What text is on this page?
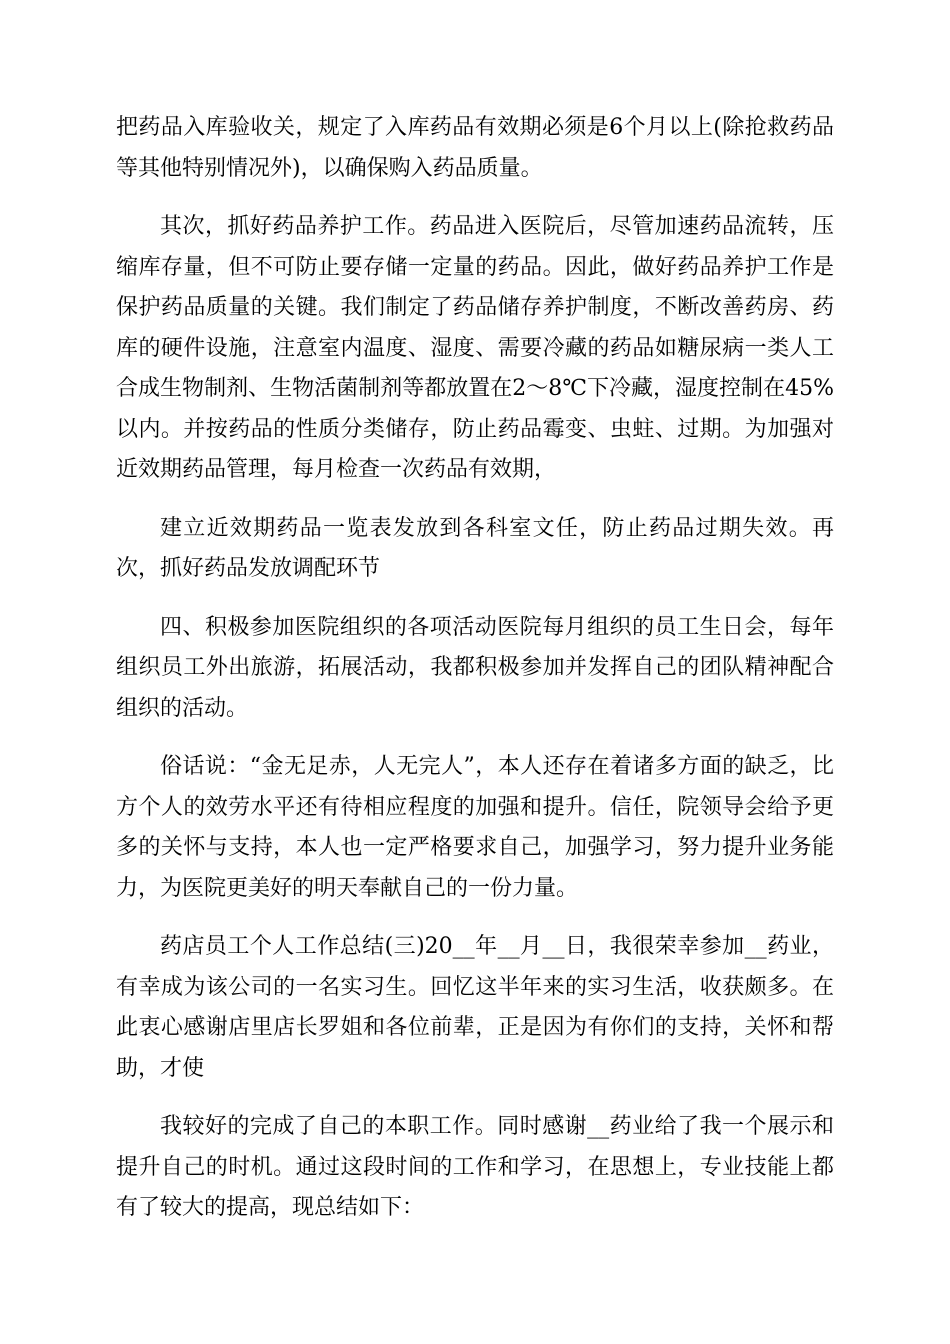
把药品入库验收关，规定了入库药品有效期必须是6个月以上(除抢救药品等其他特别情况外)，以确保购入药品质量。

其次，抓好药品养护工作。药品进入医院后，尽管加速药品流转，压缩库存量，但不可防止要存储一定量的药品。因此，做好药品养护工作是保护药品质量的关键。我们制定了药品储存养护制度，不断改善药房、药库的硬件设施，注意室内温度、湿度、需要冷藏的药品如糖尿病一类人工合成生物制剂、生物活菌制剂等都放置在2～8℃下冷藏，湿度控制在45%以内。并按药品的性质分类储存，防止药品霉变、虫蛀、过期。为加强对近效期药品管理，每月检查一次药品有效期，

建立近效期药品一览表发放到各科室文任，防止药品过期失效。再次，抓好药品发放调配环节

四、积极参加医院组织的各项活动医院每月组织的员工生日会，每年组织员工外出旅游，拓展活动，我都积极参加并发挥自己的团队精神配合组织的活动。

俗话说：“金无足赤，人无完人”，本人还存在着诸多方面的缺乏，比方个人的效劳水平还有待相应程度的加强和提升。信任，院领导会给予更多的关怀与支持，本人也一定严格要求自己，加强学习，努力提升业务能力，为医院更美好的明天奉献自己的一份力量。

药店员工个人工作总结(三)20__年__月__日，我很荣幸参加__药业，有幸成为该公司的一名实习生。回忆这半年来的实习生活，收获颇多。在此衷心感谢店里店长罗姐和各位前辈，正是因为有你们的支持，关怀和帮助，才使

我较好的完成了自己的本职工作。同时感谢__药业给了我一个展示和提升自己的时机。通过这段时间的工作和学习，在思想上，专业技能上都有了较大的提高，现总结如下：
